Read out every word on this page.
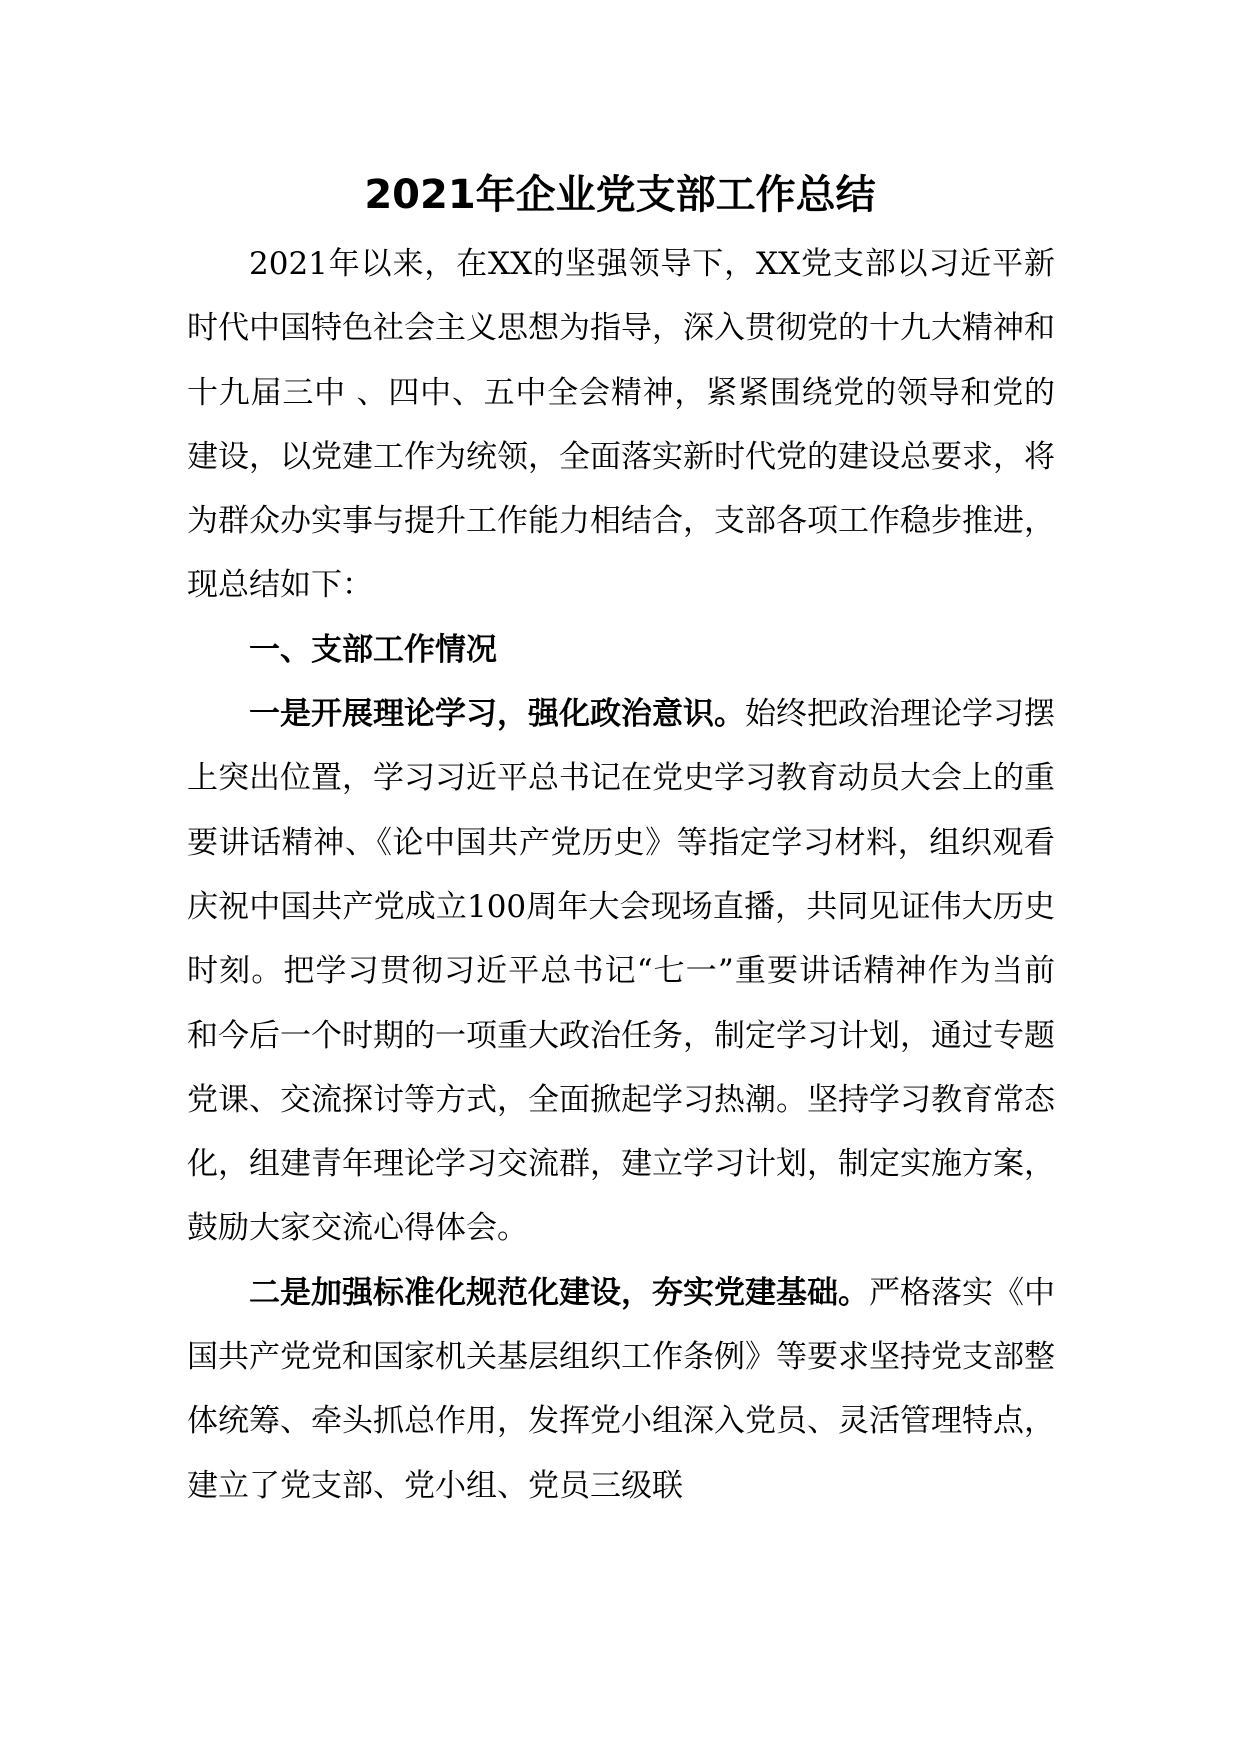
2021年企业党支部工作总结

2021年以来，在XX的坚强领导下，XX党支部以习近平新时代中国特色社会主义思想为指导，深入贯彻党的十九大精神和十九届三中 、四中、五中全会精神，紧紧围绕党的领导和党的建设，以党建工作为统领，全面落实新时代党的建设总要求，将为群众办实事与提升工作能力相结合，支部各项工作稳步推进，现总结如下：

一、支部工作情况

一是开展理论学习，强化政治意识。始终把政治理论学习摆上突出位置，学习习近平总书记在党史学习教育动员大会上的重要讲话精神、《论中国共产党历史》等指定学习材料，组织观看庆祝中国共产党成立100周年大会现场直播，共同见证伟大历史时刻。把学习贯彻习近平总书记“七一”重要讲话精神作为当前和今后一个时期的一项重大政治任务，制定学习计划，通过专题党课、交流探讨等方式，全面掀起学习热潮。坚持学习教育常态化，组建青年理论学习交流群，建立学习计划，制定实施方案，鼓励大家交流心得体会。

二是加强标准化规范化建设，夯实党建基础。严格落实《中国共产党党和国家机关基层组织工作条例》等要求坚持党支部整体统筹、牵头抓总作用，发挥党小组深入党员、灵活管理特点，建立了党支部、党小组、党员三级联
